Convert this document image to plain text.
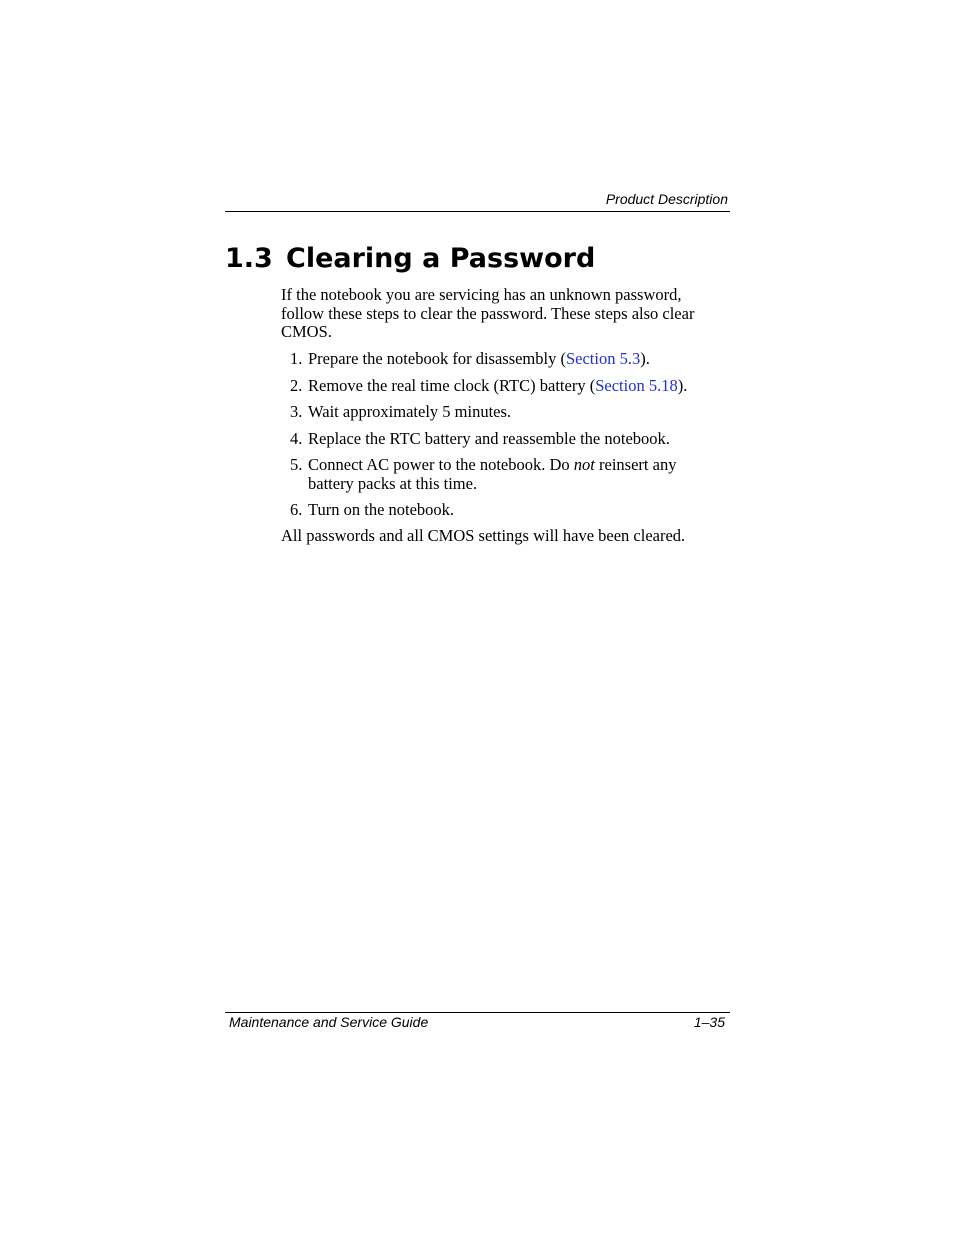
Product Description
1.3 Clearing a Password

If the notebook you are servicing has an unknown password, follow these steps to clear the password. These steps also clear CMOS.

1. Prepare the notebook for disassembly (Section 5.3).
2. Remove the real time clock (RTC) battery (Section 5.18).
3. Wait approximately 5 minutes.
4. Replace the RTC battery and reassemble the notebook.
5. Connect AC power to the notebook. Do not reinsert any battery packs at this time.
6. Turn on the notebook.

All passwords and all CMOS settings will have been cleared.

Maintenance and Service Guide	1–35
